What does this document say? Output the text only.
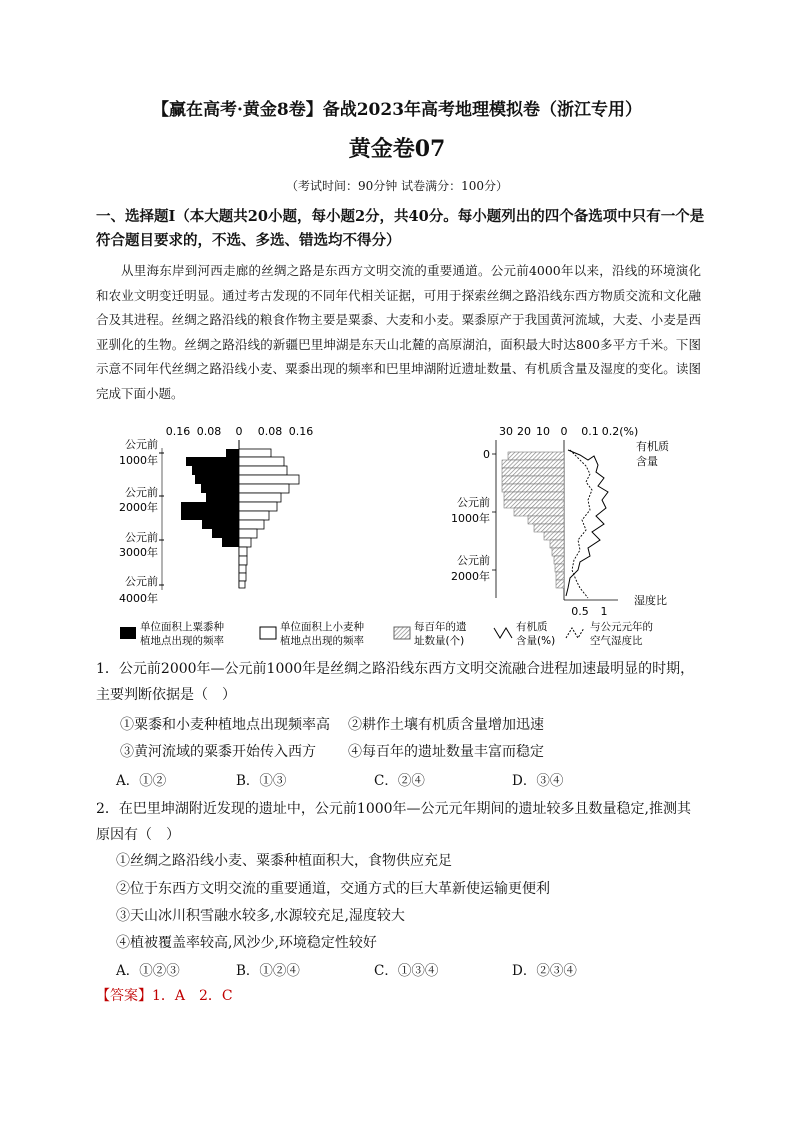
【赢在高考·黄金8卷】备战2023年高考地理模拟卷（浙江专用）
黄金卷07
（考试时间：90分钟 试卷满分：100分）
一、选择题Ⅰ（本大题共20小题，每小题2分，共40分。每小题列出的四个备选项中只有一个是符合题目要求的，不选、多选、错选均不得分）
从里海东岸到河西走廊的丝绸之路是东西方文明交流的重要通道。公元前4000年以来，沿线的环境演化和农业文明变迁明显。通过考古发现的不同年代相关证据，可用于探索丝绸之路沿线东西方物质交流和文化融合及其进程。丝绸之路沿线的粮食作物主要是粟黍、大麦和小麦。粟黍原产于我国黄河流域，大麦、小麦是西亚驯化的生物。丝绸之路沿线的新疆巴里坤湖是东天山北麓的高原湖泊，面积最大时达800多平方千米。下图示意不同年代丝绸之路沿线小麦、粟黍出现的频率和巴里坤湖附近遗址数量、有机质含量及湿度的变化。读图完成下面小题。
0.16 0.08 0 0.08 0.16
公元前
1000年
公元前
2000年
公元前
3000年
公元前
4000年
30 20 10 0 0.1 0.2(%)
0
公元前
1000年
公元前
2000年
0.5 1
湿度比
有机质
含量
单位面积上粟黍种
植地点出现的频率
单位面积上小麦种
植地点出现的频率
每百年的遗
址数量(个)
有机质
含量(%)
与公元元年的
空气湿度比
1．公元前2000年—公元前1000年是丝绸之路沿线东西方文明交流融合进程加速最明显的时期，主要判断依据是（　）
①粟黍和小麦种植地点出现频率高 ②耕作土壤有机质含量增加迅速
③黄河流域的粟黍开始传入西方 ④每百年的遗址数量丰富而稳定
A．①②	B．①③	C．②④	D．③④
2．在巴里坤湖附近发现的遗址中，公元前1000年—公元元年期间的遗址较多且数量稳定,推测其原因有（　）
①丝绸之路沿线小麦、粟黍种植面积大，食物供应充足
②位于东西方文明交流的重要通道，交通方式的巨大革新使运输更便利
③天山冰川积雪融水较多,水源较充足,湿度较大
④植被覆盖率较高,风沙少,环境稳定性较好
A．①②③	B．①②④	C．①③④	D．②③④
【答案】1．A　2．C
